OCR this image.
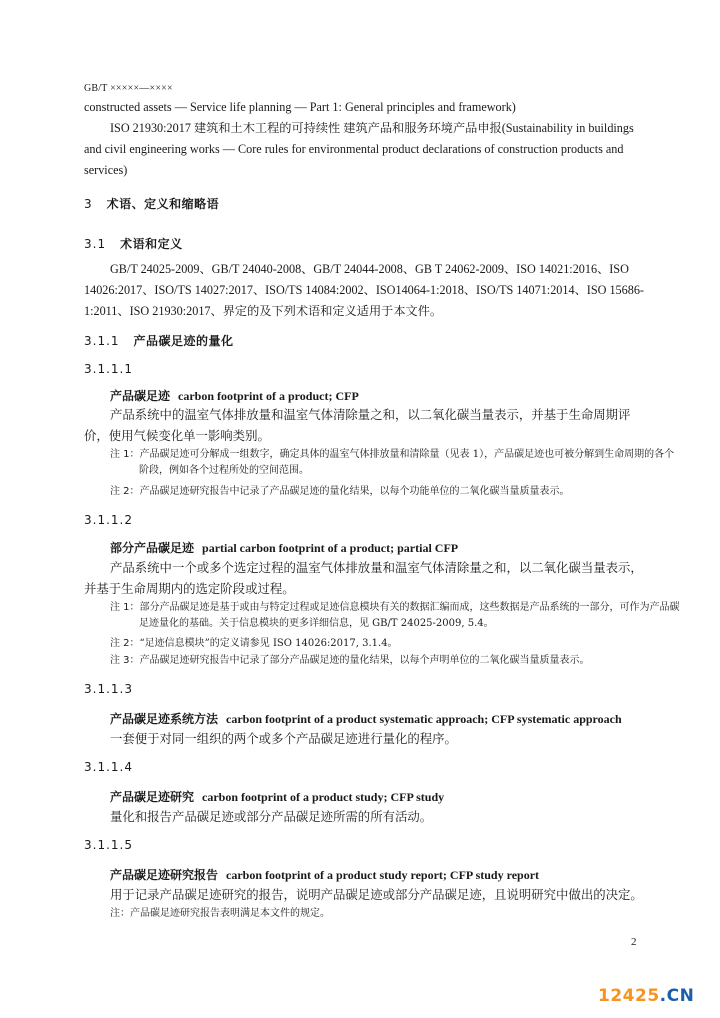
GB/T ×××××—××××
constructed assets — Service life planning — Part 1: General principles and framework)
ISO 21930:2017 建筑和土木工程的可持续性 建筑产品和服务环境产品申报(Sustainability in buildings and civil engineering works — Core rules for environmental product declarations of construction products and services)
3 术语、定义和缩略语
3.1 术语和定义
GB/T 24025-2009、GB/T 24040-2008、GB/T 24044-2008、GB T 24062-2009、ISO 14021:2016、ISO 14026:2017、ISO/TS 14027:2017、ISO/TS 14084:2002、ISO14064-1:2018、ISO/TS 14071:2014、ISO 15686-1:2011、ISO 21930:2017、界定的及下列术语和定义适用于本文件。
3.1.1 产品碳足迹的量化
3.1.1.1
产品碳足迹 carbon footprint of a product; CFP
产品系统中的温室气体排放量和温室气体清除量之和，以二氧化碳当量表示，并基于生命周期评价，使用气候变化单一影响类别。
注 1：产品碳足迹可分解成一组数字，确定具体的温室气体排放量和清除量（见表 1），产品碳足迹也可被分解到生命周期的各个阶段，例如各个过程所处的空间范围。
注 2：产品碳足迹研究报告中记录了产品碳足迹的量化结果，以每个功能单位的二氧化碳当量质量表示。
3.1.1.2
部分产品碳足迹 partial carbon footprint of a product; partial CFP
产品系统中一个或多个选定过程的温室气体排放量和温室气体清除量之和，以二氧化碳当量表示，并基于生命周期内的选定阶段或过程。
注 1：部分产品碳足迹是基于或由与特定过程或足迹信息模块有关的数据汇编而成，这些数据是产品系统的一部分，可作为产品碳足迹量化的基础。关于信息模块的更多详细信息，见 GB/T 24025-2009, 5.4。
注 2：“足迹信息模块”的定义请参见 ISO 14026:2017, 3.1.4。
注 3：产品碳足迹研究报告中记录了部分产品碳足迹的量化结果，以每个声明单位的二氧化碳当量质量表示。
3.1.1.3
产品碳足迹系统方法 carbon footprint of a product systematic approach; CFP systematic approach
一套便于对同一组织的两个或多个产品碳足迹进行量化的程序。
3.1.1.4
产品碳足迹研究 carbon footprint of a product study; CFP study
量化和报告产品碳足迹或部分产品碳足迹所需的所有活动。
3.1.1.5
产品碳足迹研究报告 carbon footprint of a product study report; CFP study report
用于记录产品碳足迹研究的报告，说明产品碳足迹或部分产品碳足迹，且说明研究中做出的决定。
注：产品碳足迹研究报告表明满足本文件的规定。
2
12425.CN
